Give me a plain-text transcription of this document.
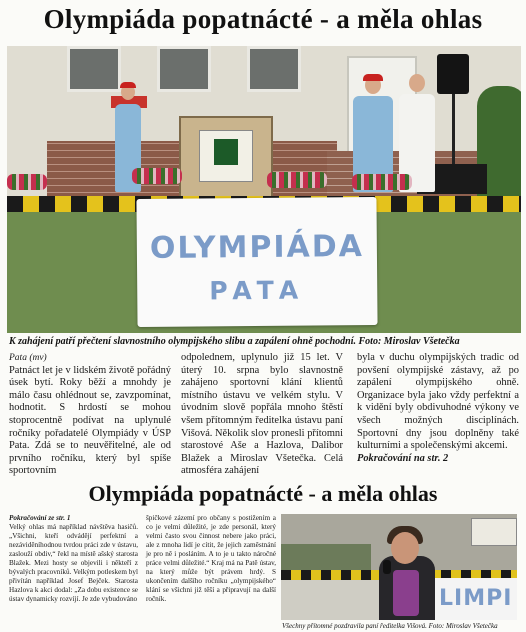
Olympiáda popatnácté - a měla ohlas
OLYMPIÁDA
PATA
K zahájení patří přečtení slavnostního olympijského slibu a zapálení ohně pochodní. Foto: Miroslav Všetečka

Pata (mv)

Patnáct let je v lidském životě pořádný úsek bytí. Roky běží a mnohdy je málo času ohlédnout se, zavzpomínat, hodnotit. S hrdostí se mohou stoprocentně podívat na uplynulé ročníky pořadatelé Olympiády v ÚSP Pata. Zdá se to neuvěřitelné, ale od prvního ročníku, který byl spíše sportovním

odpolednem, uplynulo již 15 let. V úterý 10. srpna bylo slavnostně zahájeno sportovní klání klientů místního ústavu ve velkém stylu. V úvodním slově popřála mnoho štěstí všem přítomným ředitelka ústavu paní Višová. Několik slov pronesli přítomni starostové Aše a Hazlova, Dalibor Blažek a Miroslav Všetečka. Celá atmosféra zahájení

byla v duchu olympijských tradic od povšení olympijské zástavy, až po zapálení olympijského ohně. Organizace byla jako vždy perfektní a k vidění byly obdivuhodné výkony ve všech možných disciplínách. Sportovní dny jsou doplněny také kulturními a společenskými akcemi.

Pokračování na str. 2

Olympiáda popatnácté - a měla ohlas

Pokračování ze str. 1

Velký ohlas má například návštěva hasičů. „Všichni, kteří odvádějí perfektní a nezáviděníhodnou tvrdou práci zde v ústavu, zaslouží obdiv,“ řekl na místě ašský starosta Blažek. Mezi hosty se objevili i někteří z bývalých pracovníků. Velkým potleskem byl přivítán například Josef Bejček. Starosta Hazlova k akci dodal: „Za dobu existence se ústav dynamicky rozvíjí. Je zde vybudováno

špičkové zázemí pro občany s postižením a co je velmi důležité, je zde personál, který velmi často svou činnost nebere jako práci, ale z mnoha lidí je cítit, že jejich zaměstnání je pro ně i posláním. A to je u takto náročné práce velmi důležité.“ Kraj má na Patě ústav, na který může být právem hrdý. S ukončením dalšího ročníku „olympijského“ klání se všichni již těší a připravují na další ročník.	LIMPI
Všechny přítomné pozdravila paní ředitelka Višová. Foto: Miroslav Všetečka
